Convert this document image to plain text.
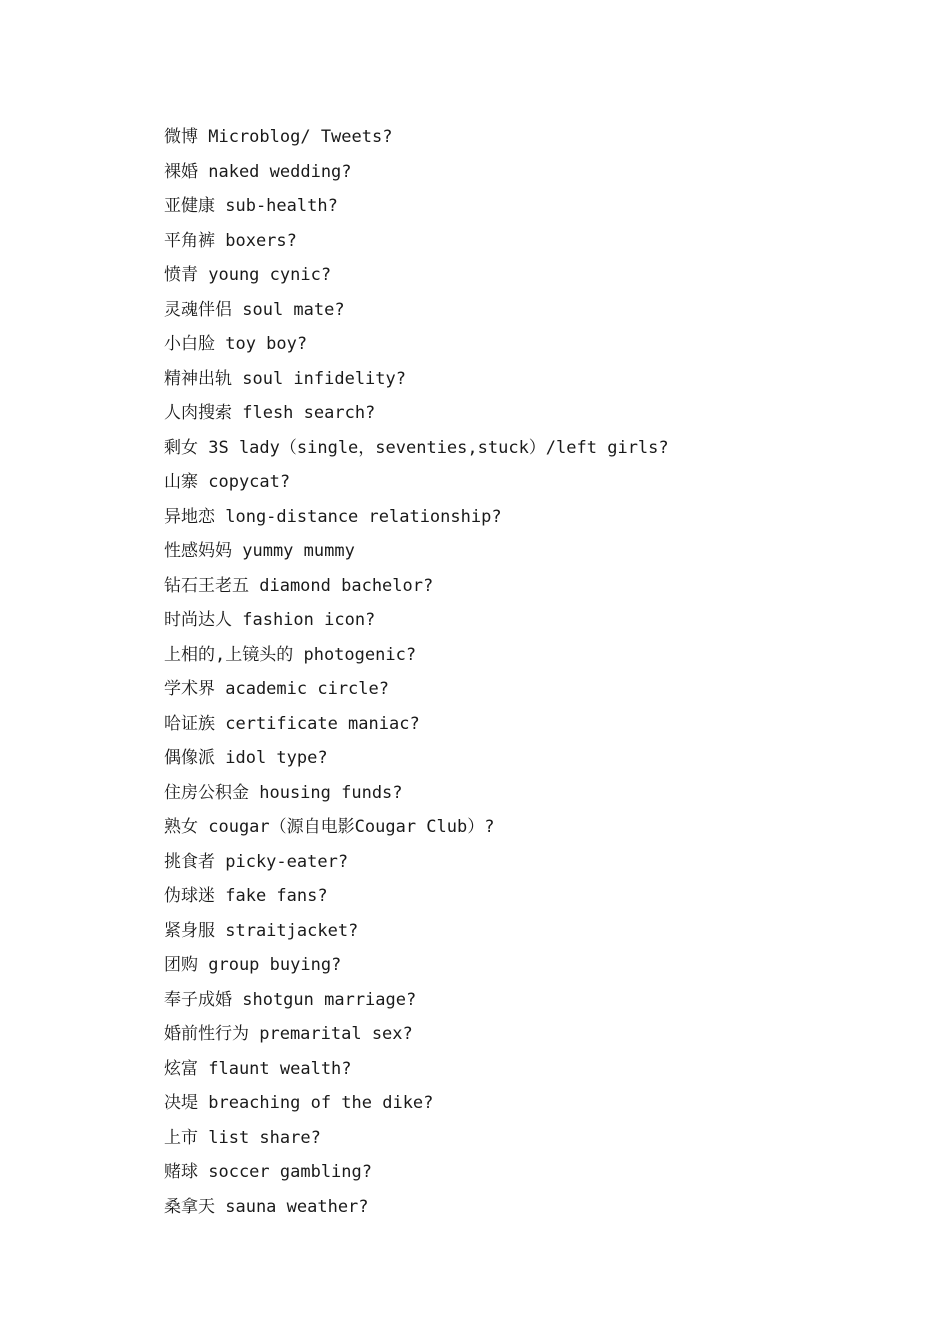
微博 Microblog/ Tweets?
裸婚 naked wedding?
亚健康 sub-health?
平角裤 boxers?
愤青 young cynic?
灵魂伴侣 soul mate?
小白脸 toy boy?
精神出轨 soul infidelity?
人肉搜索 flesh search?
剩女 3S lady（single，seventies,stuck）/left girls?
山寨 copycat?
异地恋 long-distance relationship?
性感妈妈 yummy mummy
钻石王老五 diamond bachelor?
时尚达人 fashion icon?
上相的,上镜头的 photogenic?
学术界 academic circle?
哈证族 certificate maniac?
偶像派 idol type?
住房公积金 housing funds?
熟女 cougar（源自电影Cougar Club）?
挑食者 picky-eater?
伪球迷 fake fans?
紧身服 straitjacket?
团购 group buying?
奉子成婚 shotgun marriage?
婚前性行为 premarital sex?
炫富 flaunt wealth?
决堤 breaching of the dike?
上市 list share?
赌球 soccer gambling?
桑拿天 sauna weather?
